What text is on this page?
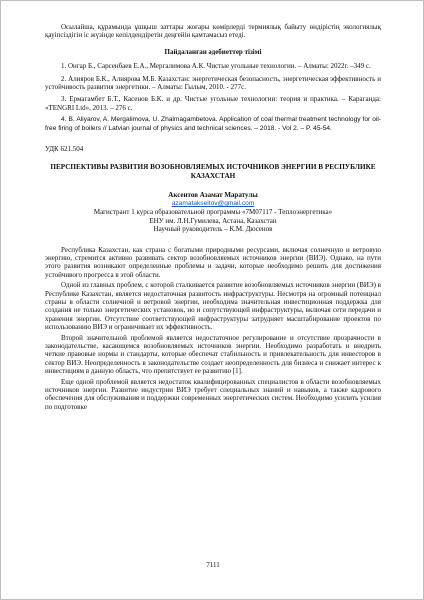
Осылайша, құрамында ұшқыш заттары жоғары көмірлерді термиялық байыту өндірістің экологиялық қауіпсіздігін іс жүзінде кепілдендіретін деңгейін қамтамасыз етеді.

Пайдаланған әдебиеттер тізімі

1. Онгар Б., Сарсенбаев Е.А., Мергалимова А.К. Чистые угольные технологии. – Алматы: 2022г. –349 с.

2. Алияров Б.К., Алиярова М.Б. Казахстан: энергетическая безопасность, энергетическая эффективность и устойчивость развития энергетики. – Алматы: Гылым, 2010. - 277с.

3. Ермагамбет Б.Т., Касенов Б.К. и др. Чистые угольные технологии: теория и практика. – Караганда: «TENGRI Ltd», 2013. – 276 с.

4. B. Aliyarov, A. Mergalimova, U. Zhalmagambetova. Application of coal thermal treatment technology for oil-free firing of boilers // Latvian journal of physics and technical sciences. – 2018. - Vol 2. – P. 45-54.

УДК 621.504

ПЕРСПЕКТИВЫ РАЗВИТИЯ ВОЗОБНОВЛЯЕМЫХ ИСТОЧНИКОВ ЭНЕРГИИ В РЕСПУБЛИКЕ КАЗАХСТАН

Аксентов Азамат Маратулы

azamatakseitov@gmail.com

Магистрант 1 курса образовательной программы «7М07117 - Теплоэнергетика»

ЕНУ им. Л.Н.Гумилева, Астана, Казахстан

Научный руководитель – К.М. Дюсенов

Республика Казахстан, как страна с богатыми природными ресурсами, включая солнечную и ветровую энергию, стремится активно развивать сектор возобновляемых источников энергии (ВИЭ). Однако, на пути этого развития возникают определенные проблемы и задачи, которые необходимо решить для достижения устойчивого прогресса в этой области.

Одной из главных проблем, с которой сталкивается развитие возобновляемых источников энергии (ВИЭ) в Республике Казахстан, является недостаточная развитость инфраструктуры. Несмотря на огромный потенциал страны в области солнечной и ветровой энергии, необходима значительная инвестиционная поддержка для создания не только энергетических установок, но и сопутствующей инфраструктуры, включая сети передачи и хранения энергии. Отсутствие соответствующей инфраструктуры затрудняет масштабирование проектов по использованию ВИЭ и ограничивает их эффективность.

Второй значительной проблемой является недостаточное регулирование и отсутствие прозрачности в законодательстве, касающемся возобновляемых источников энергии. Необходимо разработать и внедрить четкие правовые нормы и стандарты, которые обеспечат стабильность и привлекательность для инвесторов в сектор ВИЭ. Неопределенность в законодательстве создает неопределенность для бизнеса и снижает интерес к инвестициям в данную область, что препятствует ее развитию [1].

Еще одной проблемой является недостаток квалифицированных специалистов в области возобновляемых источников энергии. Развитие индустрии ВИЭ требует специальных знаний и навыков, а также кадрового обеспечения для обслуживания и поддержки современных энергетических систем. Необходимо усилить усилия по подготовке

7111
